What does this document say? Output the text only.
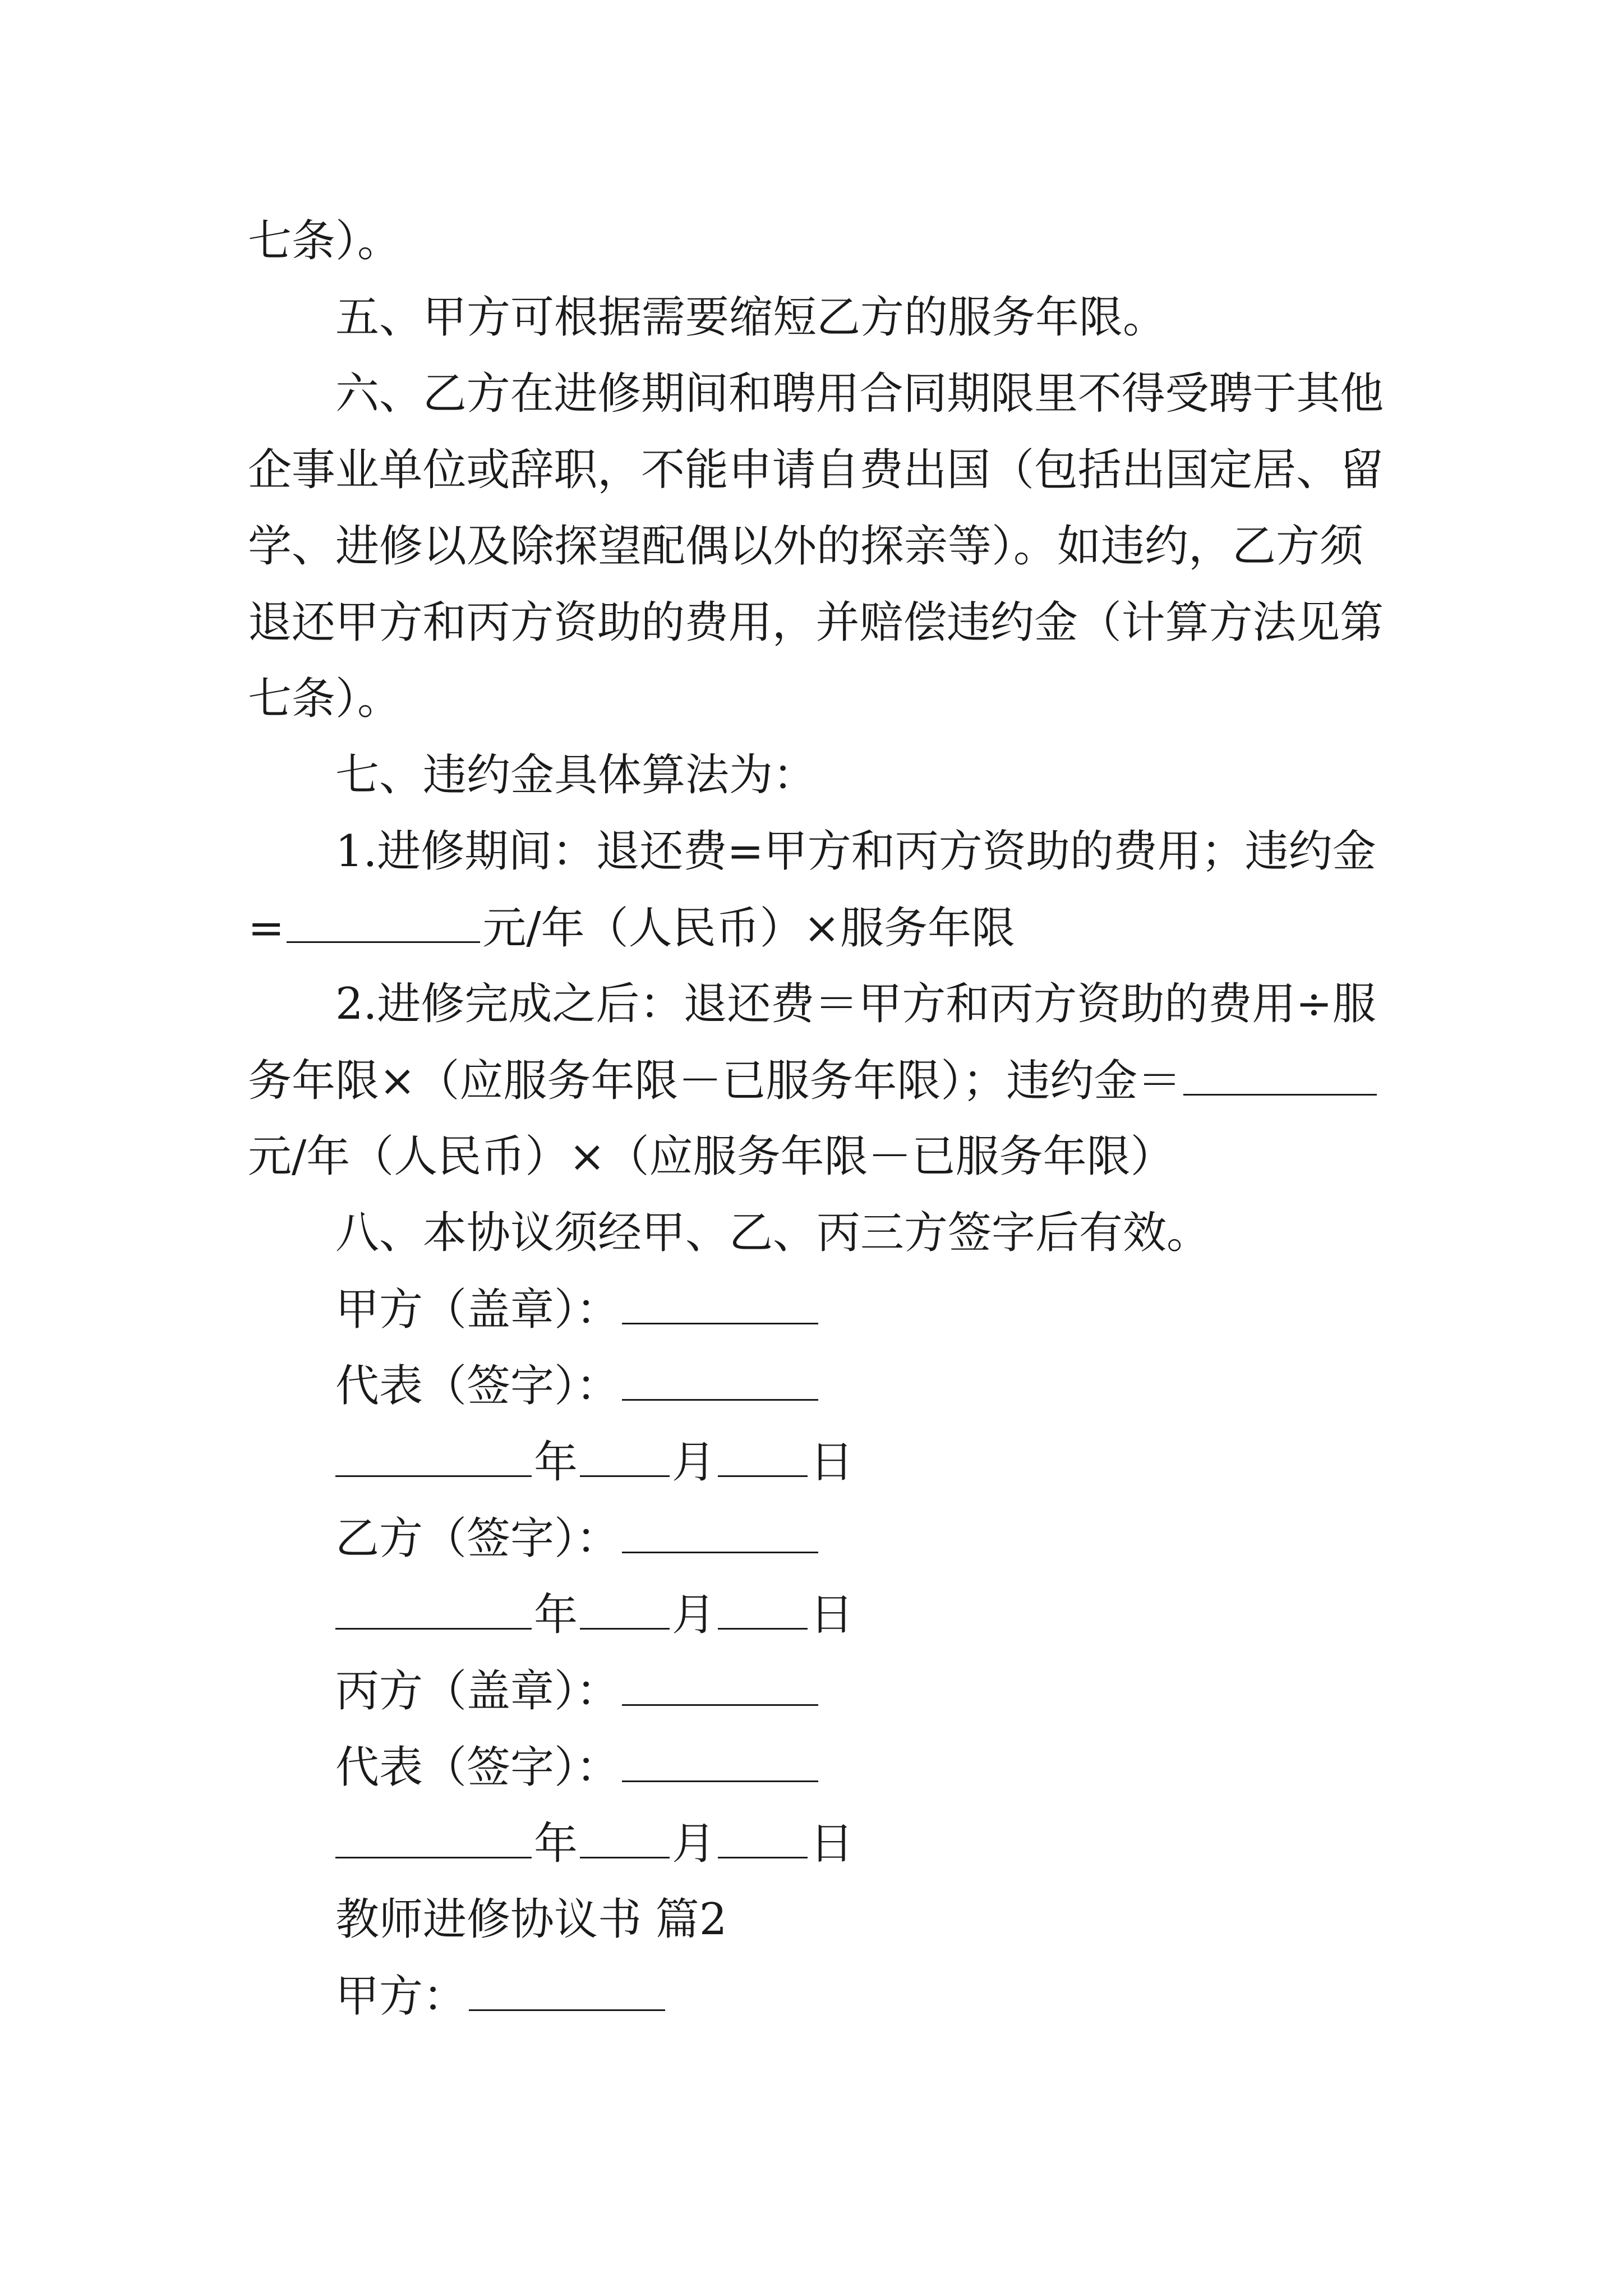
七条）。
五、甲方可根据需要缩短乙方的服务年限。
六、乙方在进修期间和聘用合同期限里不得受聘于其他
企事业单位或辞职，不能申请自费出国（包括出国定居、留
学、进修以及除探望配偶以外的探亲等）。如违约，乙方须
退还甲方和丙方资助的费用，并赔偿违约金（计算方法见第
七条）。
七、违约金具体算法为：
1.进修期间：退还费=甲方和丙方资助的费用；违约金
=	元/年（人民币）×服务年限
2.进修完成之后：退还费＝甲方和丙方资助的费用÷服
务年限×（应服务年限－已服务年限）；违约金＝
元/年（人民币）×（应服务年限－已服务年限）
八、本协议须经甲、乙、丙三方签字后有效。
甲方（盖章）：
代表（签字）：
年 月 日
乙方（签字）：
年 月 日
丙方（盖章）：
代表（签字）：
年 月 日
教师进修协议书 篇2
甲方：
